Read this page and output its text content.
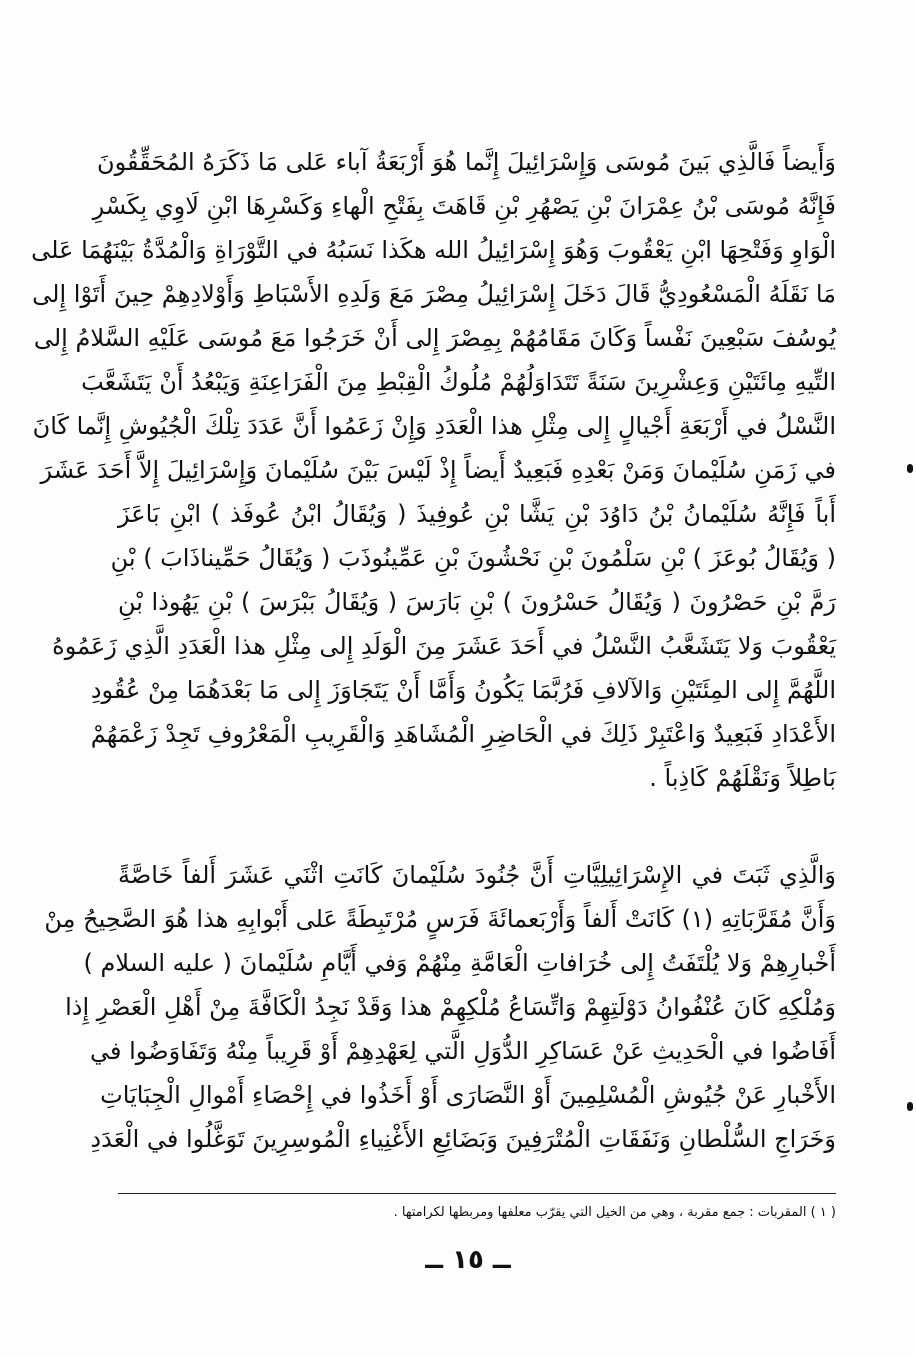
وَأَيضاً فَالَّذِي بَينَ مُوسَى وَإِسْرَائِيلَ إِنَّما هُوَ أَرْبَعَةُ آباء عَلى مَا ذَكَرَهُ المُحَقِّقُونَ
فَإِنَّهُ مُوسَى بْنُ عِمْرَانَ بْنِ يَصْهُرِ بْنِ قَاهَتَ بِفَتْحِ الْهاءِ وَكَسْرِهَا ابْنِ لَاوِي بِكَسْرِ
الْوَاوِ وَفَتْحِهَا ابْنِ يَعْقُوبَ وَهُوَ إِسْرَائِيلُ الله هكَذا نَسَبُهُ في التَّوْرَاةِ وَالْمُدَّةُ بَيْنَهُمَا عَلى
مَا نَقَلَهُ الْمَسْعُودِيُّ قَالَ دَخَلَ إِسْرَائِيلُ مِصْرَ مَعَ وَلَدِهِ الأَسْبَاطِ وَأَوْلادِهِمْ حِينَ أَتَوْا إِلى
يُوسُفَ سَبْعِينَ نَفْساً وَكَانَ مَقَامُهُمْ بِمِصْرَ إِلى أَنْ خَرَجُوا مَعَ مُوسَى عَلَيْهِ السَّلامُ إِلى
التِّيهِ مِائَتَيْنِ وَعِشْرِينَ سَنَةً تَتَدَاوَلُهُمْ مُلُوكُ الْقِبْطِ مِنَ الْفَرَاعِنَةِ وَيَبْعُدُ أَنْ يَتَشَعَّبَ
النَّسْلُ في أَرْبَعَةِ أَجْيالٍ إِلى مِثْلِ هذا الْعَدَدِ وَإِنْ زَعَمُوا أَنَّ عَدَدَ تِلْكَ الْجُيُوشِ إِنَّما كَانَ
في زَمَنِ سُلَيْمانَ وَمَنْ بَعْدِهِ فَبَعِيدٌ أَيضاً إِذْ لَيْسَ بَيْنَ سُلَيْمانَ وَإِسْرَائِيلَ إِلاَّ أَحَدَ عَشَرَ
أَباً فَإِنَّهُ سُلَيْمانُ بْنُ دَاوُدَ بْنِ يَشَّا بْنِ عُوفِيذَ ( وَيُقَالُ ابْنُ عُوفَذ ) ابْنِ بَاعَزَ
( وَيُقَالُ بُوعَزَ ) بْنِ سَلْمُونَ بْنِ نَحْشُونَ بْنِ عَمِّينُوذَبَ ( وَيُقَالُ حَمِّيناذَابَ ) بْنِ
رَمَّ بْنِ حَصْرُونَ ( وَيُقَالُ حَسْرُونَ ) بْنِ بَارَسَ ( وَيُقَالُ بَبْرَسَ ) بْنِ يَهُوذا بْنِ
يَعْقُوبَ وَلا يَتَشَعَّبُ النَّسْلُ في أَحَدَ عَشَرَ مِنَ الْوَلَدِ إِلى مِثْلِ هذا الْعَدَدِ الَّذِي زَعَمُوهُ
اللَّهُمَّ إِلى المِئَتَيْنِ وَالآلافِ فَرُبَّمَا يَكُونُ وَأَمَّا أَنْ يَتَجَاوَزَ إِلى مَا بَعْدَهُمَا مِنْ عُقُودِ
الأَعْدَادِ فَبَعِيدٌ وَاعْتَبِرْ ذَلِكَ في الْحَاضِرِ الْمُشَاهَدِ وَالْقَرِيبِ الْمَعْرُوفِ تَجِدْ زَعْمَهُمْ
بَاطِلاً وَنَقْلَهُمْ كَاذِباً .
وَالَّذِي ثَبَتَ في الإِسْرَائِيلِيَّاتِ أَنَّ جُنُودَ سُلَيْمانَ كَانَتِ اثْنَي عَشَرَ أَلفاً خَاصَّةً
وَأَنَّ مُقَرَّبَاتِهِ (١) كَانَتْ أَلفاً وَأَرْبَعمائَةَ فَرَسٍ مُرْتَبِطَةً عَلى أَبْوابِهِ هذا هُوَ الصَّحِيحُ مِنْ
أَخْبارِهِمْ وَلا يُلْتَفَتُ إِلى خُرَافاتِ الْعَامَّةِ مِنْهُمْ وَفي أَيَّامِ سُلَيْمانَ ( عليه السلام )
وَمُلْكِهِ كَانَ عُنْفُوانُ دَوْلَتِهِمْ وَاتِّسَاعُ مُلْكِهِمْ هذا وَقَدْ نَجِدُ الْكَافَّةَ مِنْ أَهْلِ الْعَصْرِ إِذا
أَفَاضُوا في الْحَدِيثِ عَنْ عَسَاكِرِ الدُّوَلِ الَّتي لِعَهْدِهِمْ أَوْ قَرِيباً مِنْهُ وَتَفَاوَضُوا في
الأَخْبارِ عَنْ جُيُوشِ الْمُسْلِمِينَ أَوْ النَّصَارَى أَوْ أَخَذُوا في إِحْصَاءِ أَمْوالِ الْجِبَايَاتِ
وَخَرَاجِ السُّلْطانِ وَنَفَقَاتِ الْمُتْرَفِينَ وَبَضَائِعِ الأَغْنِياءِ الْمُوسِرِينَ تَوَغَّلُوا في الْعَدَدِ
( ١ ) المقربات : جمع مقربة ، وهي من الخيل التي يقرّب معلفها ومربطها لكرامتها .
ــ ١٥ ــ
